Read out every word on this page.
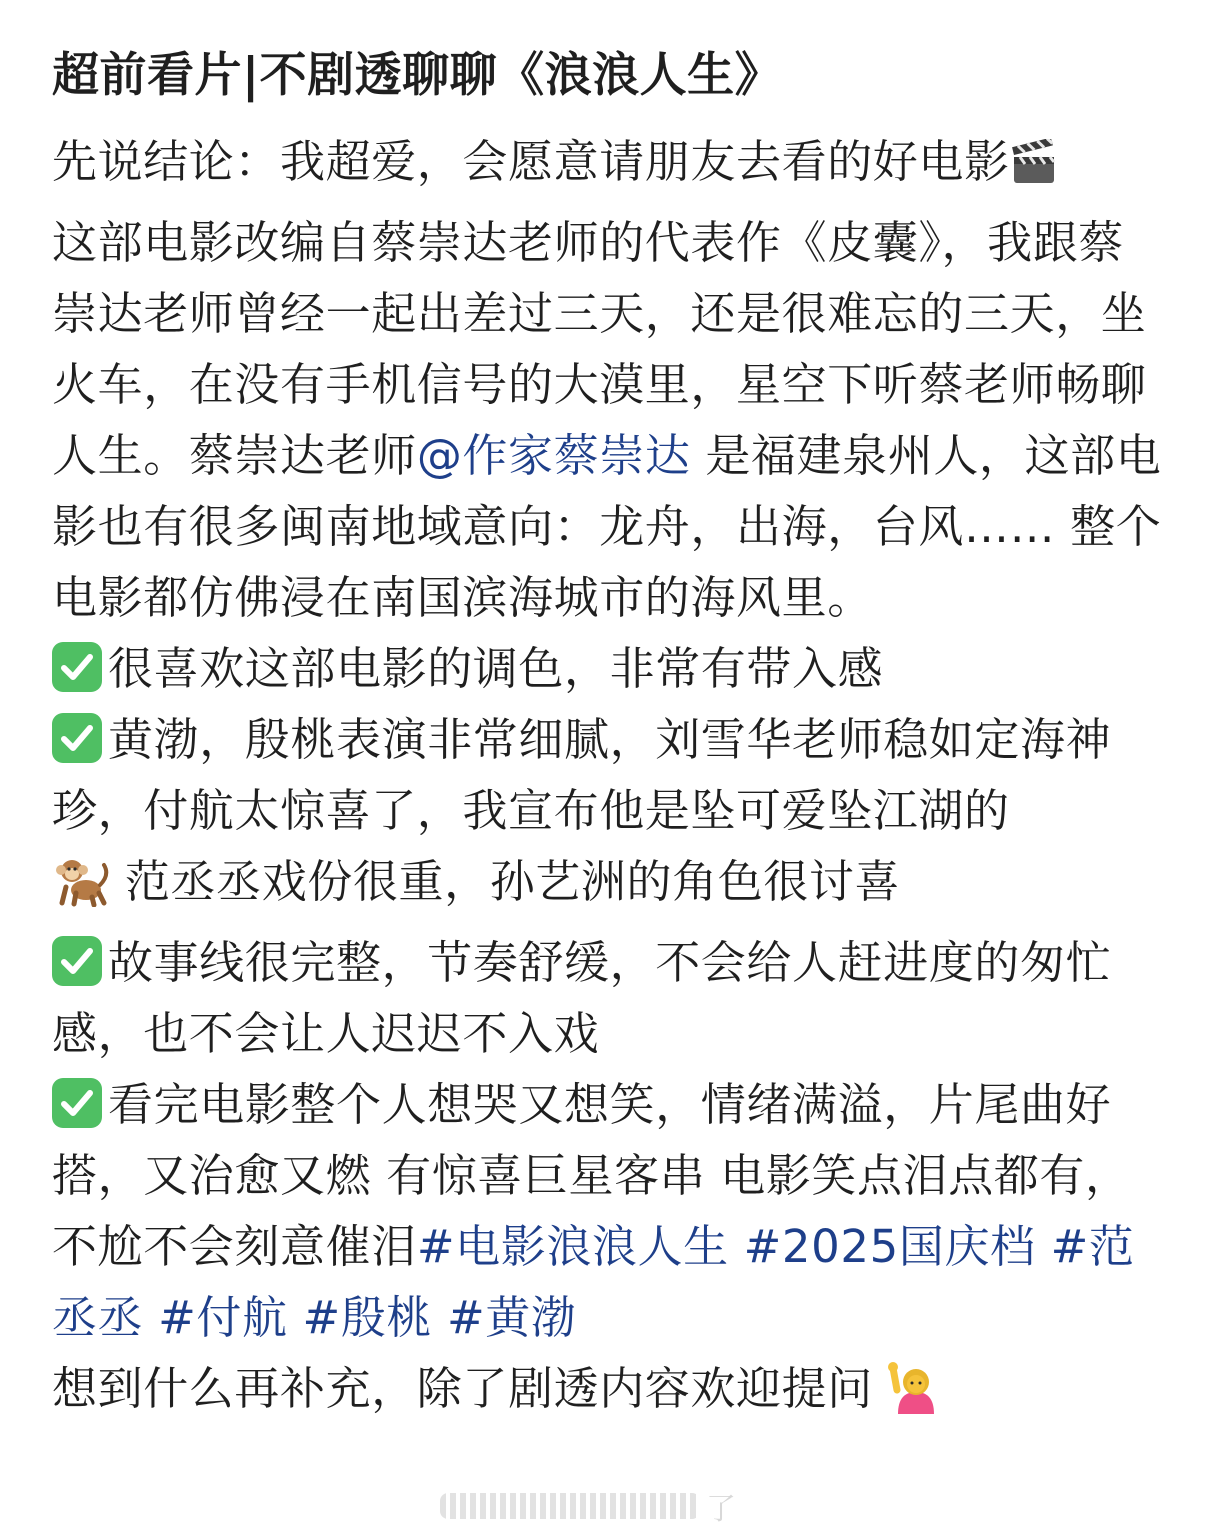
超前看片|不剧透聊聊《浪浪人生》

先说结论：我超爱，会愿意请朋友去看的好电影
这部电影改编自蔡崇达老师的代表作《皮囊》，我跟蔡崇达老师曾经一起出差过三天，还是很难忘的三天，坐火车，在没有手机信号的大漠里，星空下听蔡老师畅聊人生。蔡崇达老师@作家蔡崇达 是福建泉州人，这部电影也有很多闽南地域意向：龙舟，出海，台风…… 整个电影都仿佛浸在南国滨海城市的海风里。

很喜欢这部电影的调色，非常有带入感

黄渤，殷桃表演非常细腻，刘雪华老师稳如定海神珍，付航太惊喜了，我宣布他是坠可爱坠江湖的
范丞丞戏份很重，孙艺洲的角色很讨喜

故事线很完整，节奏舒缓，不会给人赶进度的匆忙感，也不会让人迟迟不入戏

看完电影整个人想哭又想笑，情绪满溢，片尾曲好搭，又治愈又燃 有惊喜巨星客串 电影笑点泪点都有，不尬不会刻意催泪#电影浪浪人生 #2025国庆档 #范丞丞 #付航 #殷桃 #黄渤

想到什么再补充，除了剧透内容欢迎提问

了
